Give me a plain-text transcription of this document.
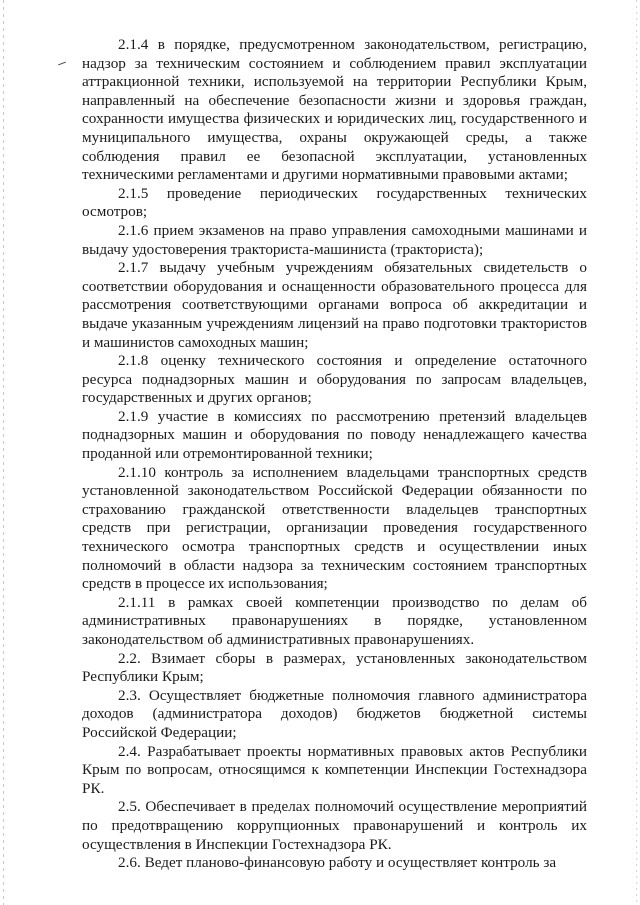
2.1.4 в порядке, предусмотренном законодательством, регистрацию, надзор за техническим состоянием и соблюдением правил эксплуатации аттракционной техники, используемой на территории Республики Крым, направленный на обеспечение безопасности жизни и здоровья граждан, сохранности имущества физических и юридических лиц, государственного и муниципального имущества, охраны окружающей среды, а также соблюдения правил ее безопасной эксплуатации, установленных техническими регламентами и другими нормативными правовыми актами;

2.1.5 проведение периодических государственных технических осмотров;

2.1.6 прием экзаменов на право управления самоходными машинами и выдачу удостоверения тракториста-машиниста (тракториста);

2.1.7 выдачу учебным учреждениям обязательных свидетельств о соответствии оборудования и оснащенности образовательного процесса для рассмотрения соответствующими органами вопроса об аккредитации и выдаче указанным учреждениям лицензий на право подготовки трактористов и машинистов самоходных машин;

2.1.8 оценку технического состояния и определение остаточного ресурса поднадзорных машин и оборудования по запросам владельцев, государственных и других органов;

2.1.9 участие в комиссиях по рассмотрению претензий владельцев поднадзорных машин и оборудования по поводу ненадлежащего качества проданной или отремонтированной техники;

2.1.10 контроль за исполнением владельцами транспортных средств установленной законодательством Российской Федерации обязанности по страхованию гражданской ответственности владельцев транспортных средств при регистрации, организации проведения государственного технического осмотра транспортных средств и осуществлении иных полномочий в области надзора за техническим состоянием транспортных средств в процессе их использования;

2.1.11 в рамках своей компетенции производство по делам об административных правонарушениях в порядке, установленном законодательством об административных правонарушениях.

2.2. Взимает сборы в размерах, установленных законодательством Республики Крым;

2.3. Осуществляет бюджетные полномочия главного администратора доходов (администратора доходов) бюджетов бюджетной системы Российской Федерации;

2.4. Разрабатывает проекты нормативных правовых актов Республики Крым по вопросам, относящимся к компетенции Инспекции Гостехнадзора РК.

2.5. Обеспечивает в пределах полномочий осуществление мероприятий по предотвращению коррупционных правонарушений и контроль их осуществления в Инспекции Гостехнадзора РК.

2.6. Ведет планово-финансовую работу и осуществляет контроль за
